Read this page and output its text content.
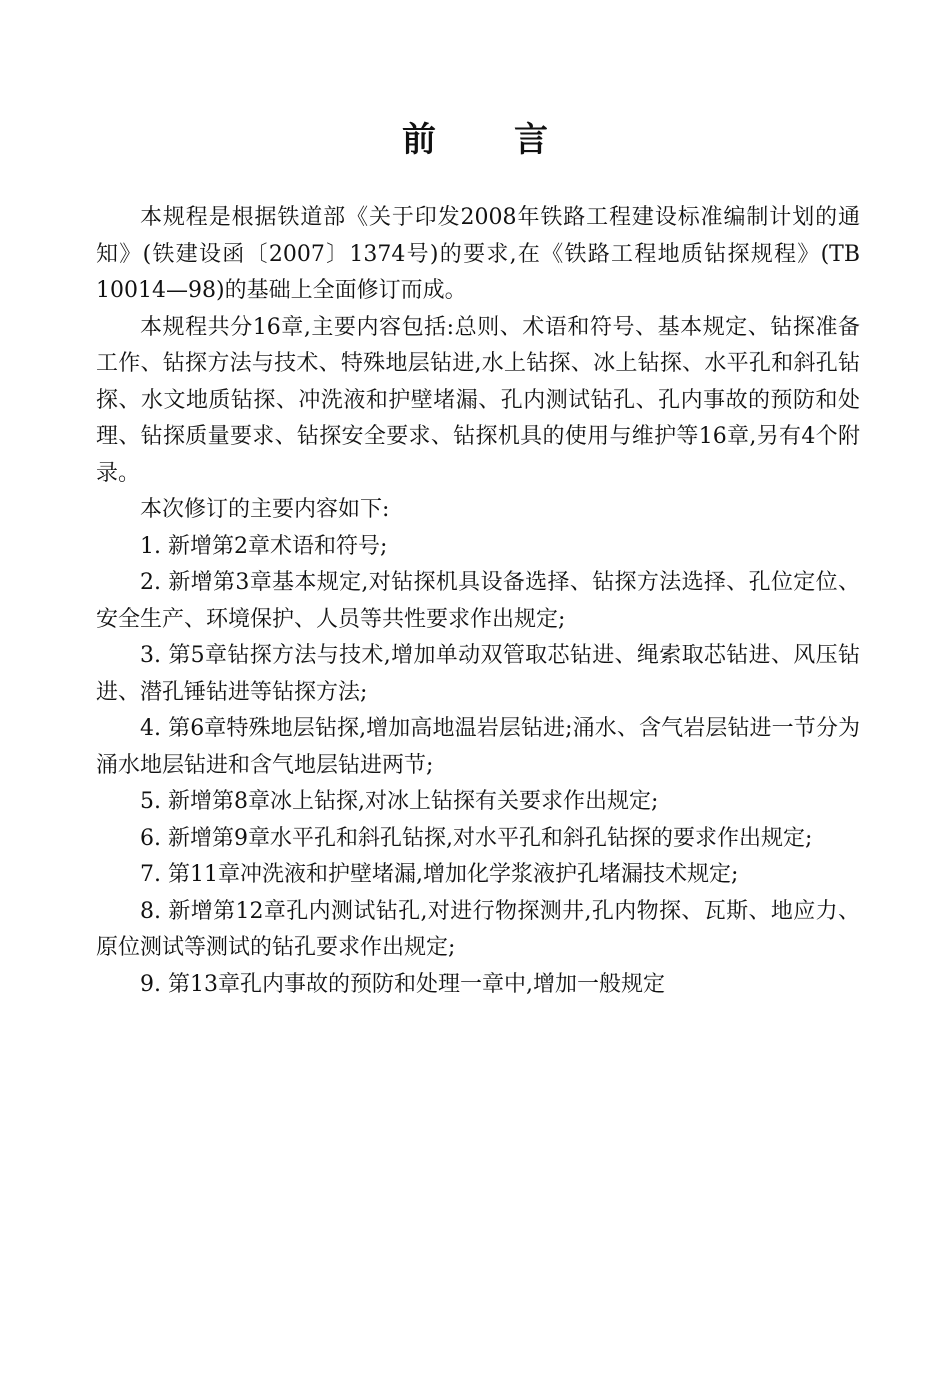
前言

本规程是根据铁道部《关于印发2008年铁路工程建设标准编制计划的通知》(铁建设函〔2007〕1374号)的要求,在《铁路工程地质钻探规程》(TB 10014—98)的基础上全面修订而成。

本规程共分16章,主要内容包括:总则、术语和符号、基本规定、钻探准备工作、钻探方法与技术、特殊地层钻进,水上钻探、冰上钻探、水平孔和斜孔钻探、水文地质钻探、冲洗液和护壁堵漏、孔内测试钻孔、孔内事故的预防和处理、钻探质量要求、钻探安全要求、钻探机具的使用与维护等16章,另有4个附录。

本次修订的主要内容如下:

1. 新增第2章术语和符号;

2. 新增第3章基本规定,对钻探机具设备选择、钻探方法选择、孔位定位、安全生产、环境保护、人员等共性要求作出规定;

3. 第5章钻探方法与技术,增加单动双管取芯钻进、绳索取芯钻进、风压钻进、潜孔锤钻进等钻探方法;

4. 第6章特殊地层钻探,增加高地温岩层钻进;涌水、含气岩层钻进一节分为涌水地层钻进和含气地层钻进两节;

5. 新增第8章冰上钻探,对冰上钻探有关要求作出规定;

6. 新增第9章水平孔和斜孔钻探,对水平孔和斜孔钻探的要求作出规定;

7. 第11章冲洗液和护壁堵漏,增加化学浆液护孔堵漏技术规定;

8. 新增第12章孔内测试钻孔,对进行物探测井,孔内物探、瓦斯、地应力、原位测试等测试的钻孔要求作出规定;

9. 第13章孔内事故的预防和处理一章中,增加一般规定
